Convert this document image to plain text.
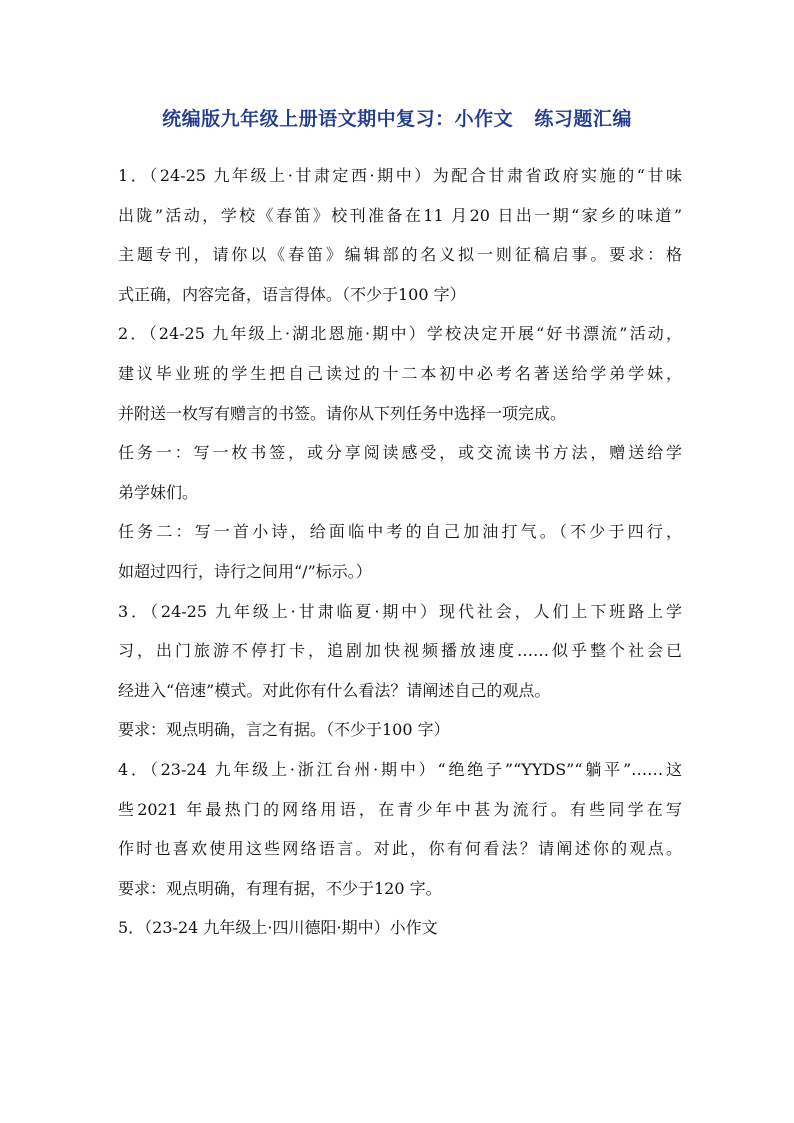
统编版九年级上册语文期中复习：小作文   练习题汇编
1．（24-25 九年级上·甘肃定西·期中）为配合甘肃省政府实施的“甘味
出陇”活动，学校《春笛》校刊准备在11 月20 日出一期“家乡的味道”
主题专刊，请你以《春笛》编辑部的名义拟一则征稿启事。要求：格
式正确，内容完备，语言得体。（不少于100 字）
2．（24-25 九年级上·湖北恩施·期中）学校决定开展“好书漂流”活动，
建议毕业班的学生把自己读过的十二本初中必考名著送给学弟学妹，
并附送一枚写有赠言的书签。请你从下列任务中选择一项完成。
任务一：写一枚书签，或分享阅读感受，或交流读书方法，赠送给学
弟学妹们。
任务二：写一首小诗，给面临中考的自己加油打气。（不少于四行，
如超过四行，诗行之间用“/”标示。）
3．（24-25 九年级上·甘肃临夏·期中）现代社会，人们上下班路上学
习，出门旅游不停打卡，追剧加快视频播放速度……似乎整个社会已
经进入“倍速”模式。对此你有什么看法？请阐述自己的观点。
要求：观点明确，言之有据。（不少于100 字）
4．（23-24 九年级上·浙江台州·期中）“绝绝子”“YYDS”“躺平”……这
些2021 年最热门的网络用语，在青少年中甚为流行。有些同学在写
作时也喜欢使用这些网络语言。对此，你有何看法？请阐述你的观点。
要求：观点明确，有理有据，不少于120 字。
5．（23-24 九年级上·四川德阳·期中）小作文
